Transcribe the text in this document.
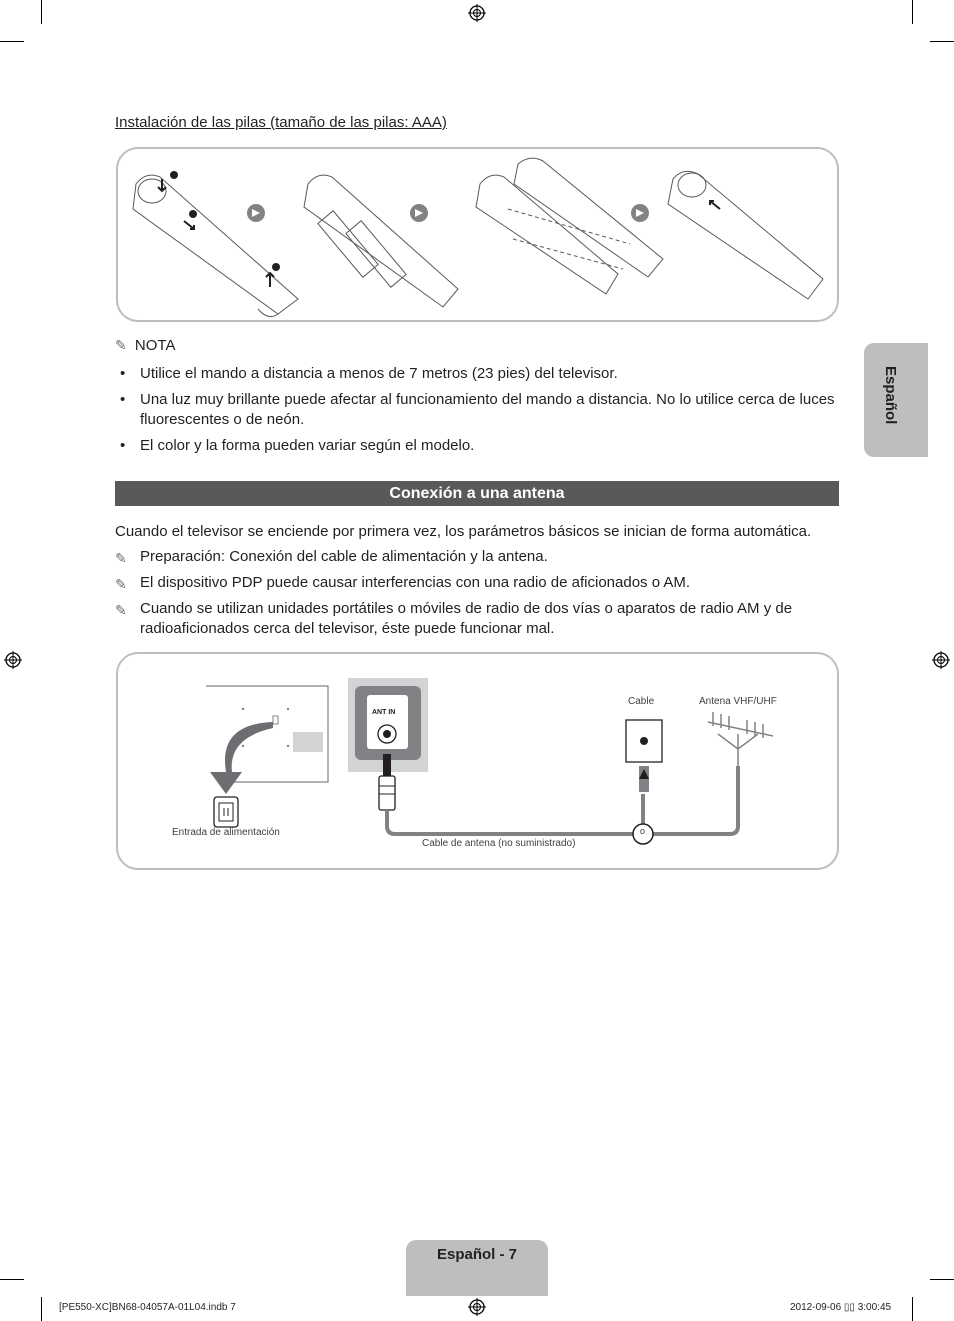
Instalación de las pilas (tamaño de las pilas: AAA)
✎ NOTA
• Utilice el mando a distancia a menos de 7 metros (23 pies) del televisor.
• Una luz muy brillante puede afectar al funcionamiento del mando a distancia. No lo utilice cerca de luces fluorescentes o de neón.
• El color y la forma pueden variar según el modelo.
Conexión a una antena
Cuando el televisor se enciende por primera vez, los parámetros básicos se inician de forma automática.
✎ Preparación: Conexión del cable de alimentación y la antena.
✎ El dispositivo PDP puede causar interferencias con una radio de aficionados o AM.
✎ Cuando se utilizan unidades portátiles o móviles de radio de dos vías o aparatos de radio AM y de radioaficionados cerca del televisor, éste puede funcionar mal.
ANT IN
Cable	Antena VHF/UHF
Entrada de alimentación
Cable de antena (no suministrado)
o
Español
Español - 7
[PE550-XC]BN68-04057A-01L04.indb 7	2012-09-06 ▯▯ 3:00:45
